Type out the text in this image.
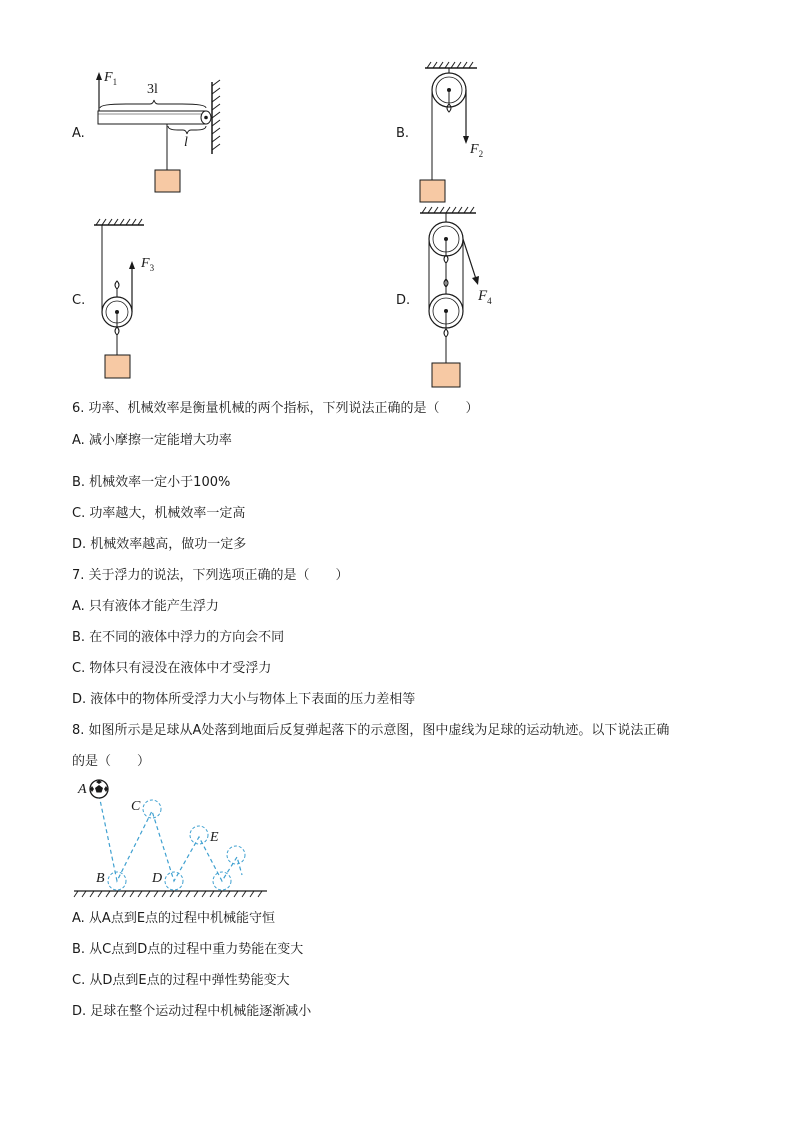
A.
$F_1$
3l
l
B.
$F_2$
C.
$F_3$
D.	$F_4$
6. 功率、机械效率是衡量机械的两个指标，下列说法正确的是（　　）
A. 减小摩擦一定能增大功率
B. 机械效率一定小于100%
C. 功率越大，机械效率一定高
D. 机械效率越高，做功一定多
7. 关于浮力的说法，下列选项正确的是（　　）
A. 只有液体才能产生浮力
B. 在不同的液体中浮力的方向会不同
C. 物体只有浸没在液体中才受浮力
D. 液体中的物体所受浮力大小与物体上下表面的压力差相等
8. 如图所示是足球从A处落到地面后反复弹起落下的示意图，图中虚线为足球的运动轨迹。以下说法正确
的是（　　）
A
C
E
B	D
A. 从A点到E点的过程中机械能守恒
B. 从C点到D点的过程中重力势能在变大
C. 从D点到E点的过程中弹性势能变大
D. 足球在整个运动过程中机械能逐渐减小
